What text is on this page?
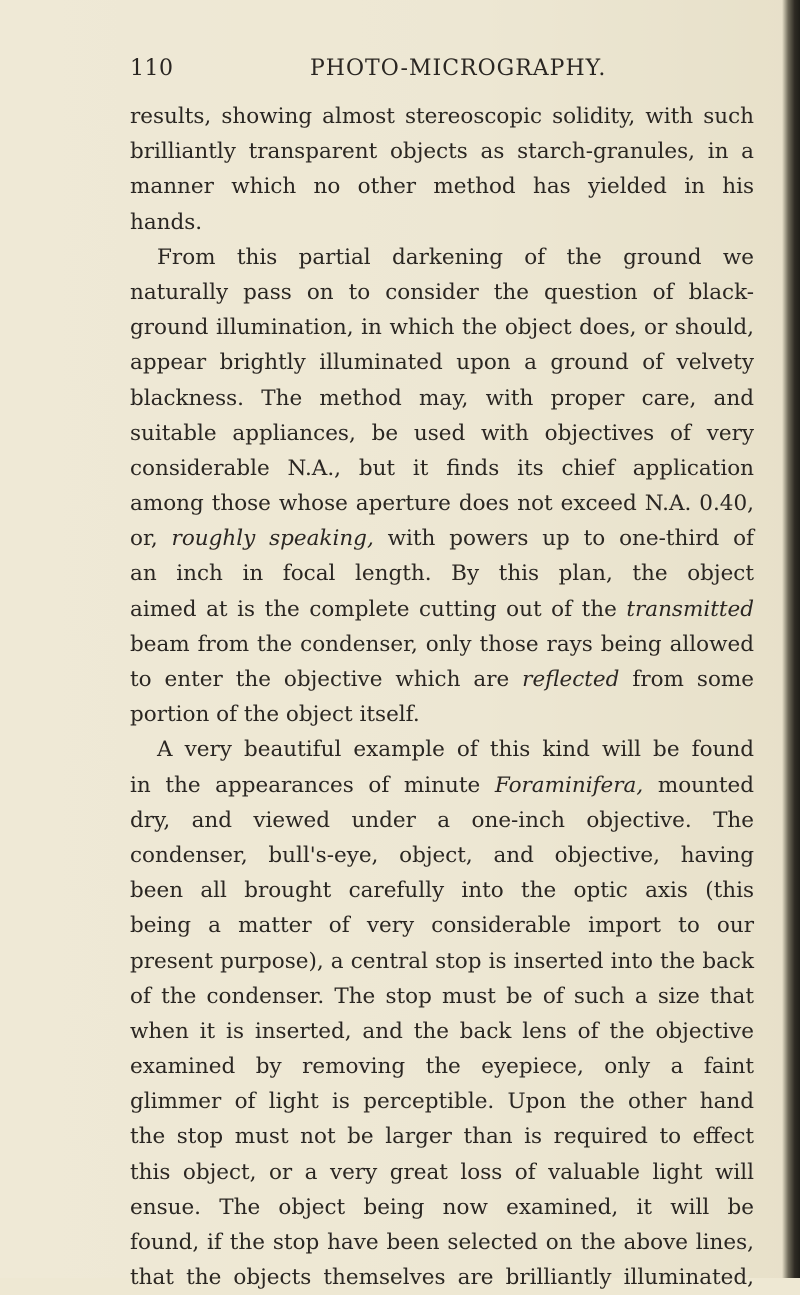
110	PHOTO-MICROGRAPHY.
results, showing almost stereoscopic solidity, with such
brilliantly transparent objects as starch-granules, in a
manner which no other method has yielded in his
hands.
From this partial darkening of the ground we
naturally pass on to consider the question of black-
ground illumination, in which the object does, or should,
appear brightly illuminated upon a ground of velvety
blackness. The method may, with proper care, and
suitable appliances, be used with objectives of very
considerable N.A., but it finds its chief application
among those whose aperture does not exceed N.A. 0.40,
or, roughly speaking, with powers up to one-third of
an inch in focal length. By this plan, the object
aimed at is the complete cutting out of the transmitted
beam from the condenser, only those rays being allowed
to enter the objective which are reflected from some
portion of the object itself.
A very beautiful example of this kind will be found
in the appearances of minute Foraminifera, mounted
dry, and viewed under a one-inch objective. The
condenser, bull's-eye, object, and objective, having
been all brought carefully into the optic axis (this
being a matter of very considerable import to our
present purpose), a central stop is inserted into the back
of the condenser. The stop must be of such a size that
when it is inserted, and the back lens of the objective
examined by removing the eyepiece, only a faint
glimmer of light is perceptible. Upon the other hand
the stop must not be larger than is required to effect
this object, or a very great loss of valuable light will
ensue. The object being now examined, it will be
found, if the stop have been selected on the above lines,
that the objects themselves are brilliantly illuminated,
